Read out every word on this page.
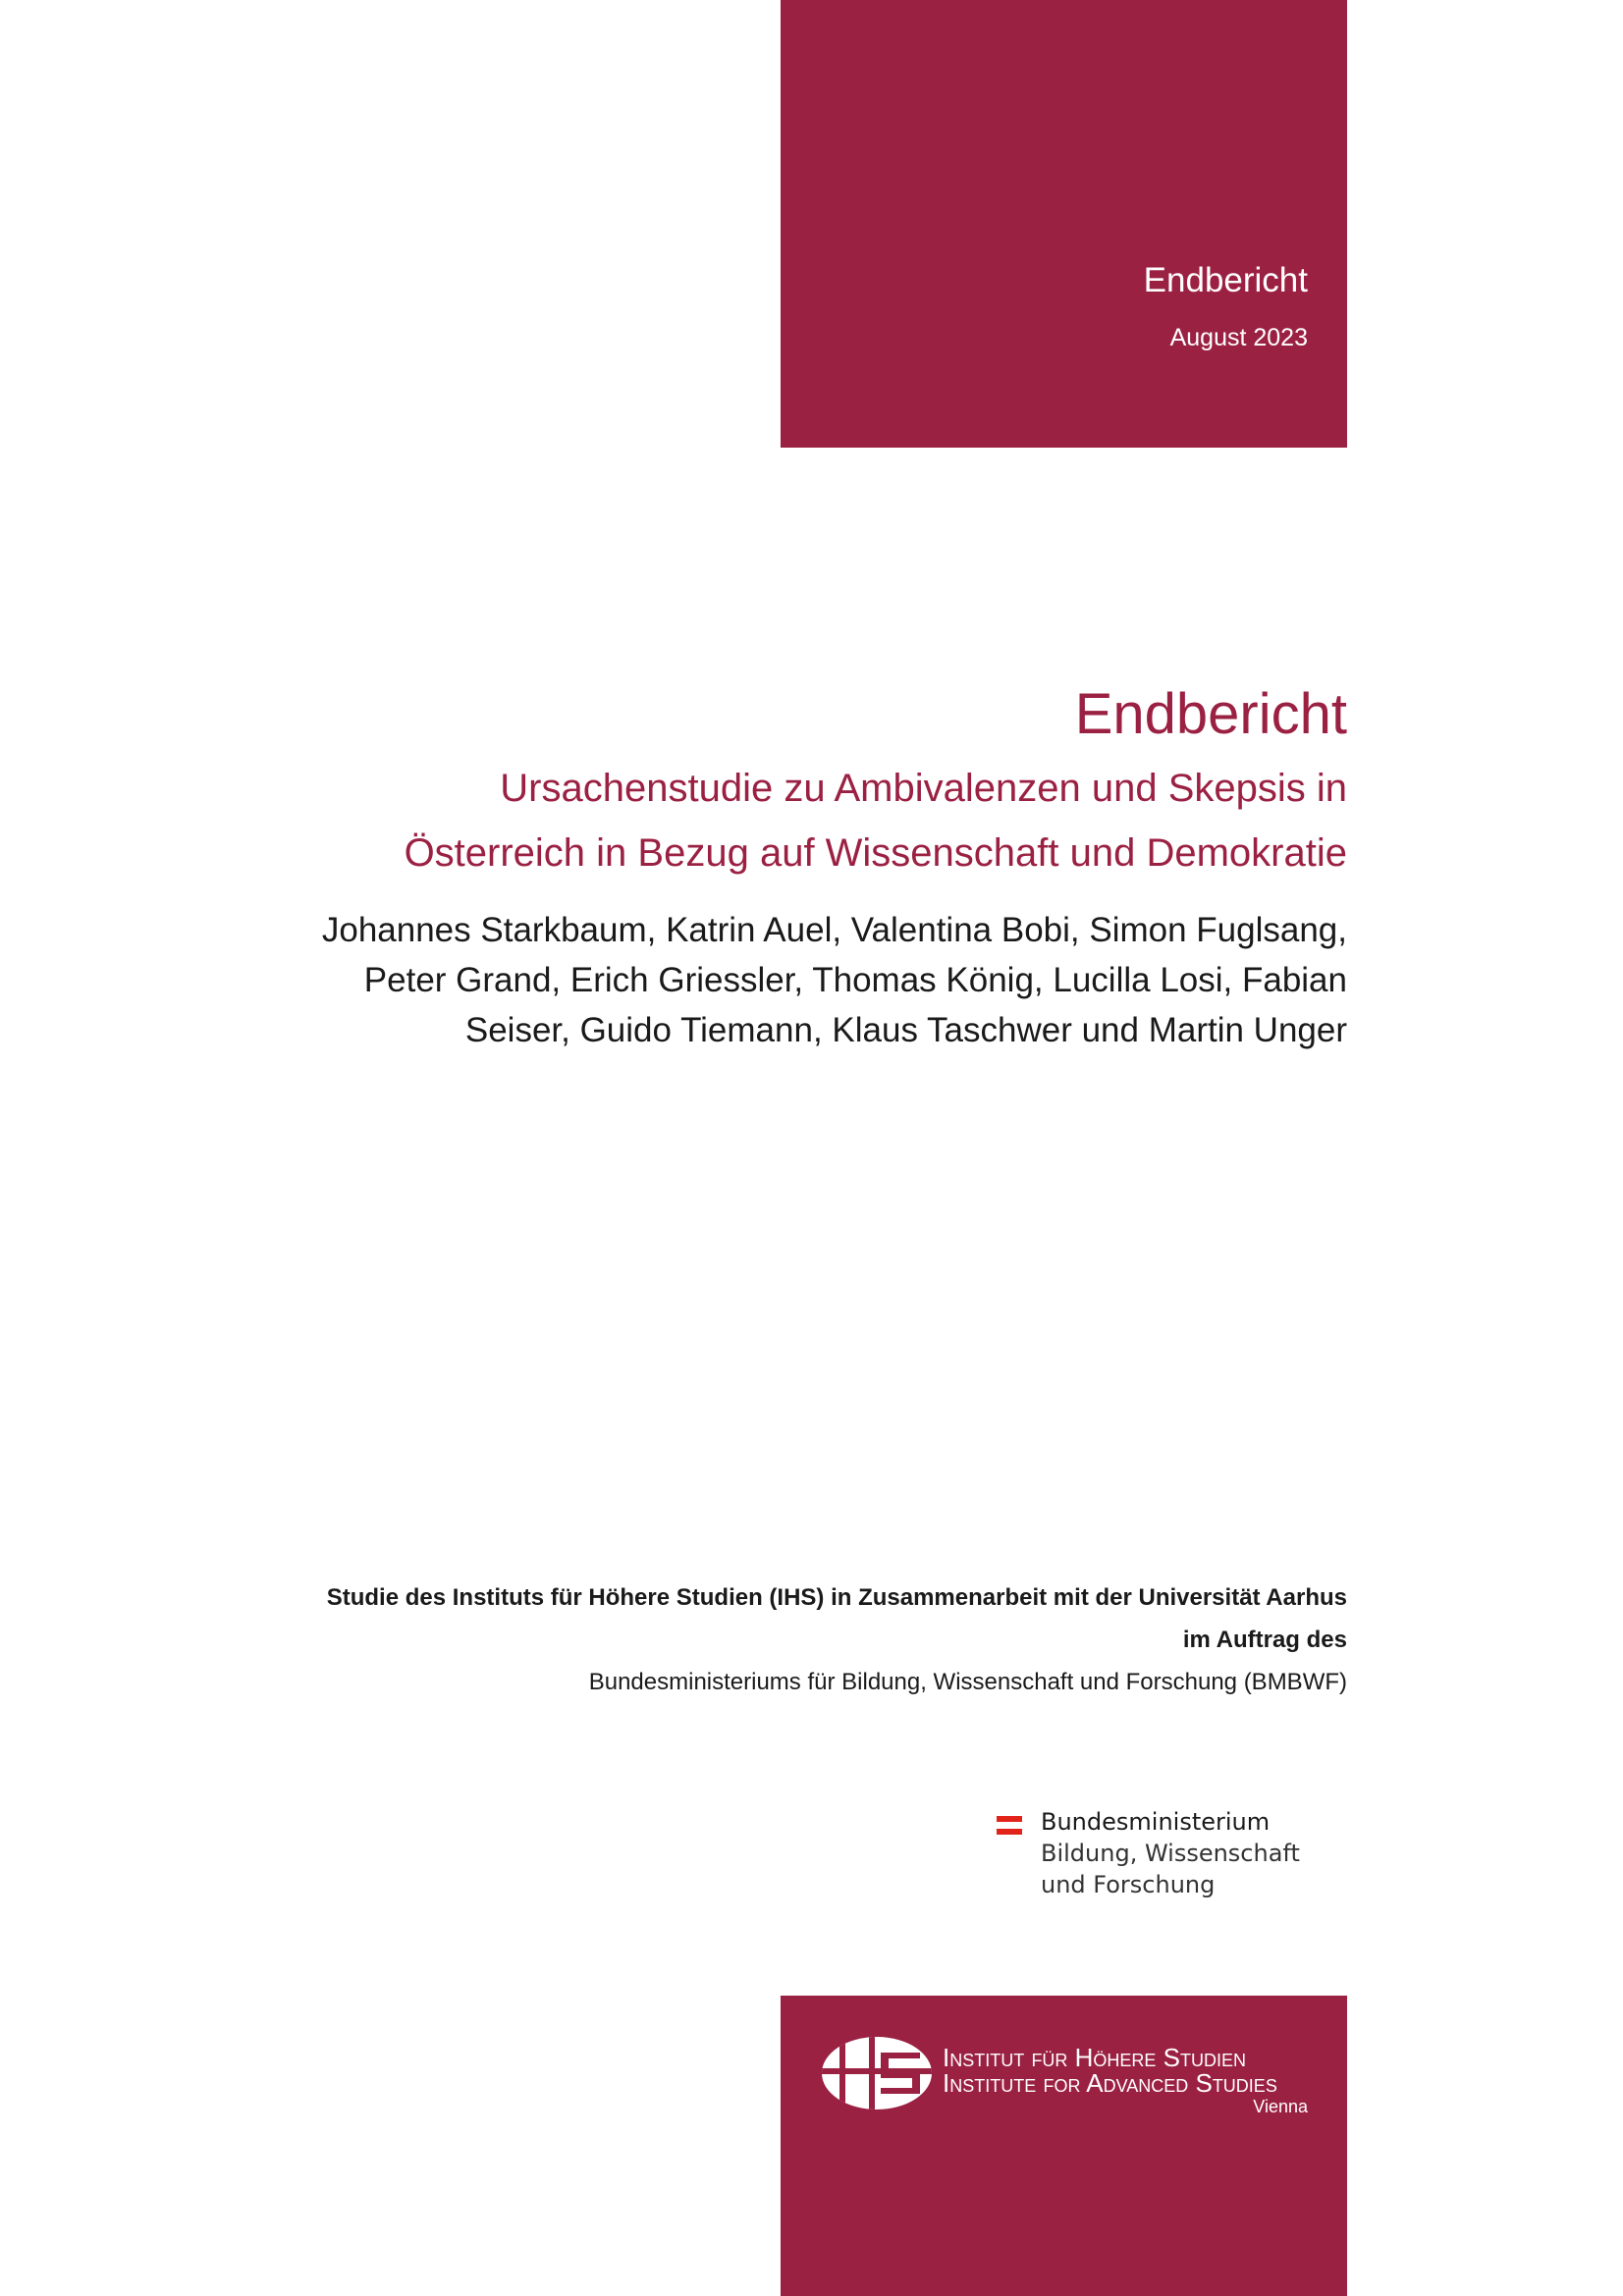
Endbericht
August 2023
Endbericht
Ursachenstudie zu Ambivalenzen und Skepsis in
Österreich in Bezug auf Wissenschaft und Demokratie
Johannes Starkbaum, Katrin Auel, Valentina Bobi, Simon Fuglsang,
Peter Grand, Erich Griessler, Thomas König, Lucilla Losi, Fabian
Seiser, Guido Tiemann, Klaus Taschwer und Martin Unger
Studie des Instituts für Höhere Studien (IHS) in Zusammenarbeit mit der Universität Aarhus
im Auftrag des
Bundesministeriums für Bildung, Wissenschaft und Forschung (BMBWF)
Bundesministerium
Bildung, Wissenschaft
und Forschung
Institut für Höhere Studien
Institute for Advanced Studies
Vienna
